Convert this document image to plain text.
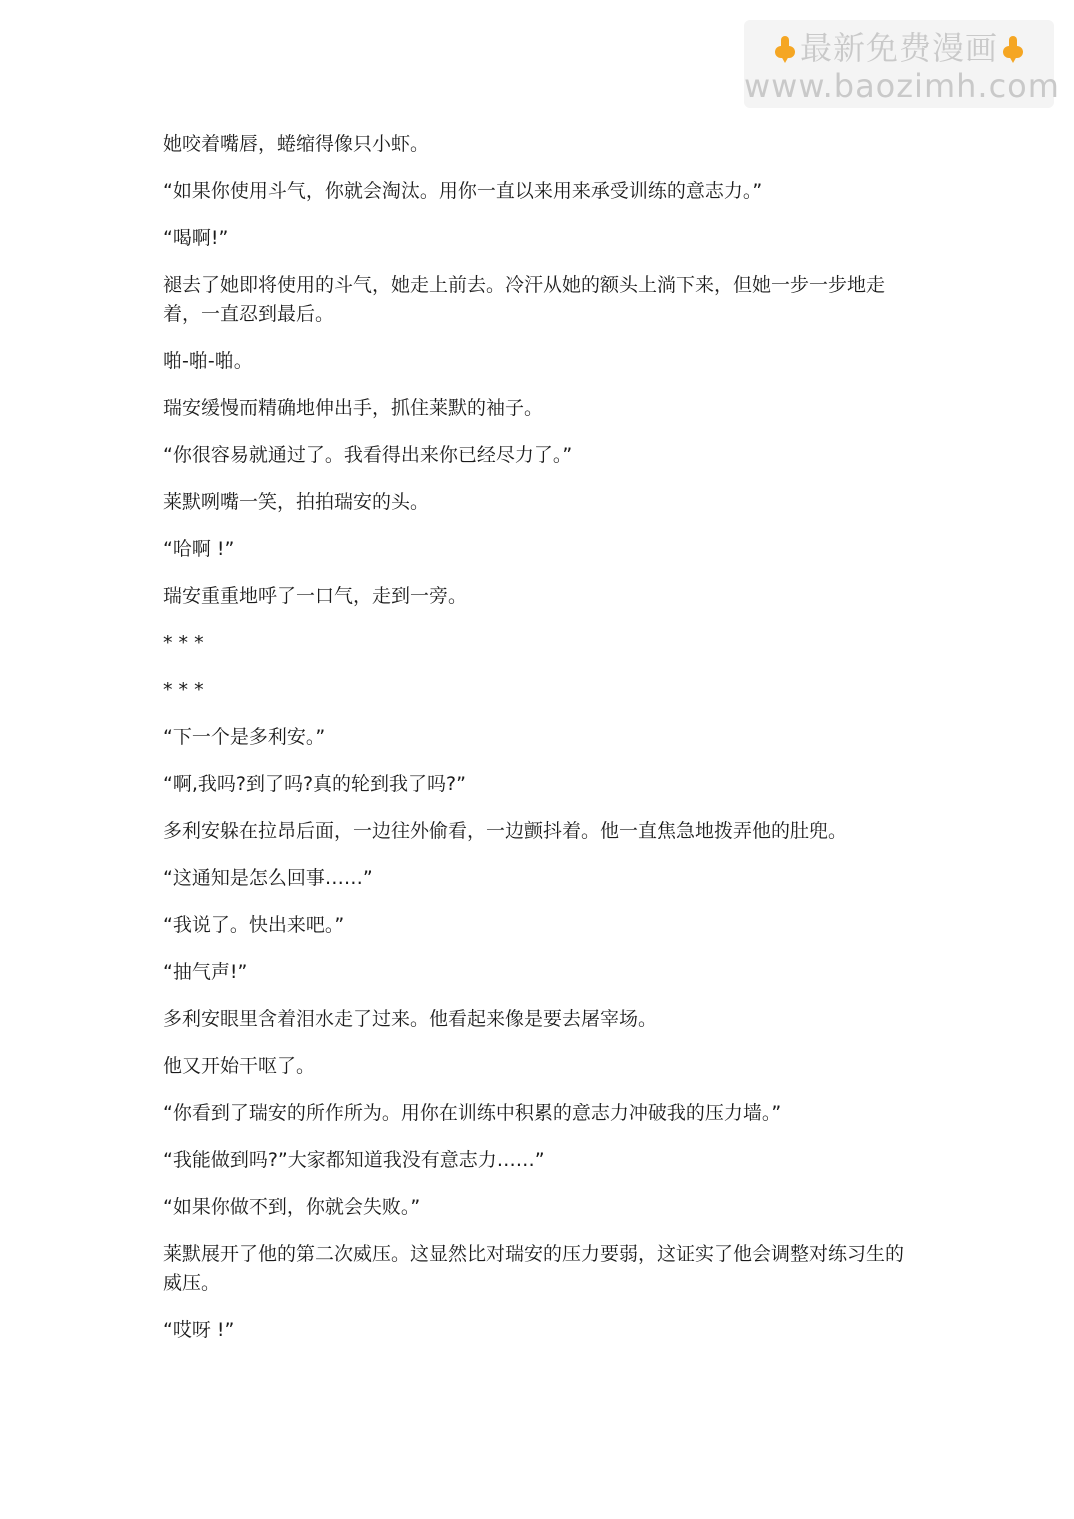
最新免费漫画
www.baozimh.com

她咬着嘴唇，蜷缩得像只小虾。

“如果你使用斗气，你就会淘汰。用你一直以来用来承受训练的意志力。”

“喝啊!”

褪去了她即将使用的斗气，她走上前去。冷汗从她的额头上淌下来，但她一步一步地走着，一直忍到最后。

啪-啪-啪。

瑞安缓慢而精确地伸出手，抓住莱默的袖子。

“你很容易就通过了。我看得出来你已经尽力了。”

莱默咧嘴一笑，拍拍瑞安的头。

“哈啊 !”

瑞安重重地呼了一口气，走到一旁。

* * *

* * *

“下一个是多利安。”

“啊,我吗?到了吗?真的轮到我了吗?”

多利安躲在拉昂后面，一边往外偷看，一边颤抖着。他一直焦急地拨弄他的肚兜。

“这通知是怎么回事……”

“我说了。快出来吧。”

“抽气声!”

多利安眼里含着泪水走了过来。他看起来像是要去屠宰场。

他又开始干呕了。

“你看到了瑞安的所作所为。用你在训练中积累的意志力冲破我的压力墙。”

“我能做到吗?”大家都知道我没有意志力……”

“如果你做不到，你就会失败。”

莱默展开了他的第二次威压。这显然比对瑞安的压力要弱，这证实了他会调整对练习生的威压。

“哎呀 !”
